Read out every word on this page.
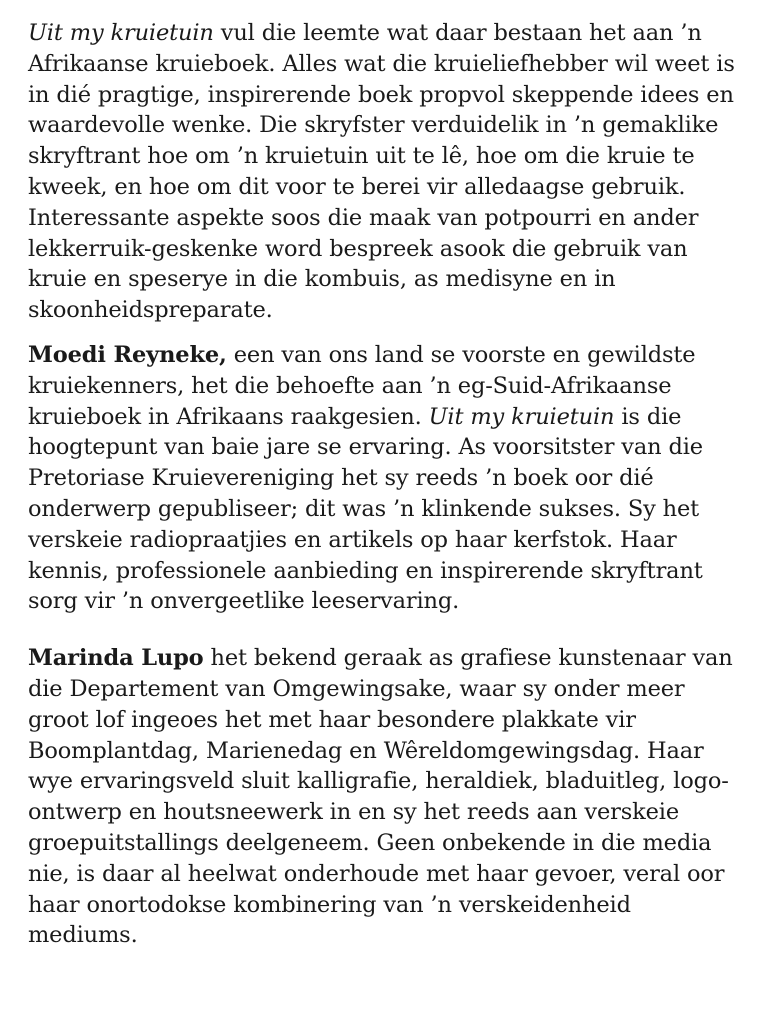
Uit my kruietuin vul die leemte wat daar bestaan het aan ’n
Afrikaanse kruieboek. Alles wat die kruieliefhebber wil weet is
in dié pragtige, inspirerende boek propvol skeppende idees en
waardevolle wenke. Die skryfster verduidelik in ’n gemaklike
skryftrant hoe om ’n kruietuin uit te lê, hoe om die kruie te
kweek, en hoe om dit voor te berei vir alledaagse gebruik.
Interessante aspekte soos die maak van potpourri en ander
lekkerruik-geskenke word bespreek asook die gebruik van
kruie en speserye in die kombuis, as medisyne en in
skoonheidspreparate.
Moedi Reyneke, een van ons land se voorste en gewildste
kruiekenners, het die behoefte aan ’n eg-Suid-Afrikaanse
kruieboek in Afrikaans raakgesien. Uit my kruietuin is die
hoogtepunt van baie jare se ervaring. As voorsitster van die
Pretoriase Kruievereniging het sy reeds ’n boek oor dié
onderwerp gepubliseer; dit was ’n klinkende sukses. Sy het
verskeie radiopraatjies en artikels op haar kerfstok. Haar
kennis, professionele aanbieding en inspirerende skryftrant
sorg vir ’n onvergeetlike leeservaring.
Marinda Lupo het bekend geraak as grafiese kunstenaar van
die Departement van Omgewingsake, waar sy onder meer
groot lof ingeoes het met haar besondere plakkate vir
Boomplantdag, Marienedag en Wêreldomgewingsdag. Haar
wye ervaringsveld sluit kalligrafie, heraldiek, bladuitleg, logo-
ontwerp en houtsneewerk in en sy het reeds aan verskeie
groepuitstallings deelgeneem. Geen onbekende in die media
nie, is daar al heelwat onderhoude met haar gevoer, veral oor
haar onortodokse kombinering van ’n verskeidenheid
mediums.
